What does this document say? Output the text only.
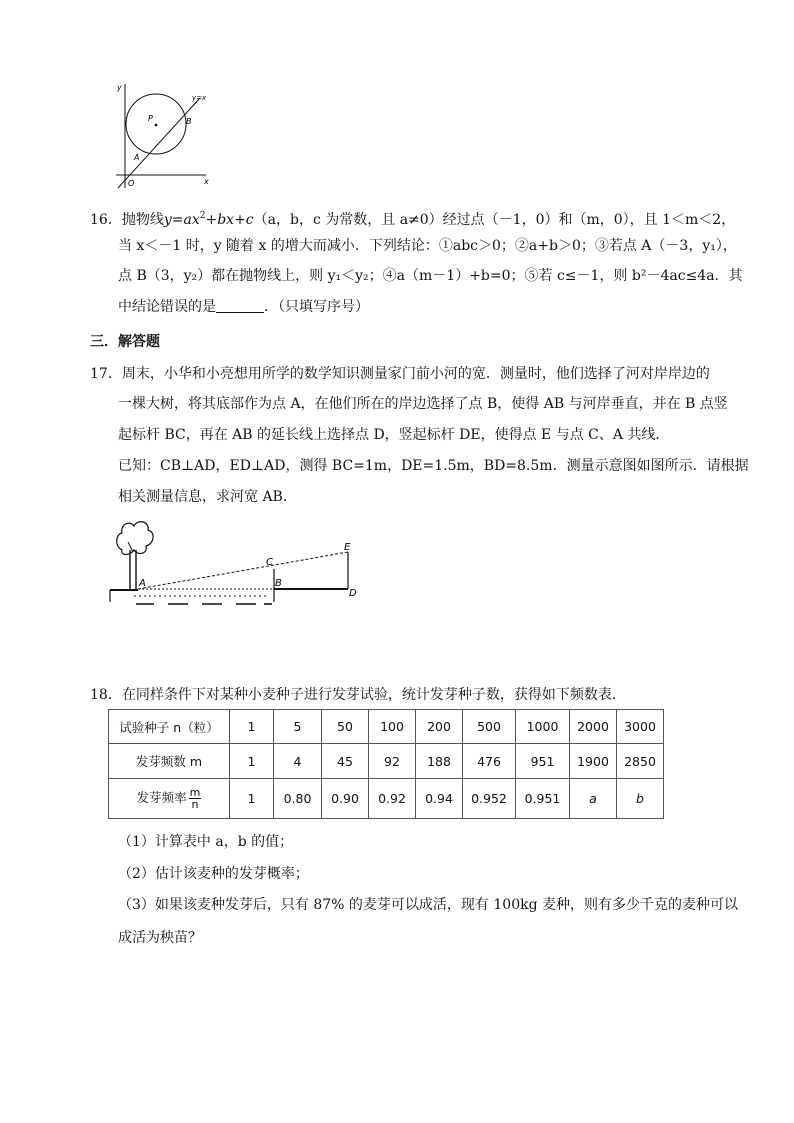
y
x
O
y=x
P
A
B
16．抛物线$y=ax^2+bx+c(a$，b，c 为常数，且 a≠0）经过点（－1，0）和（m，0），且 1＜m＜2，
当 x＜－1 时，y 随着 x 的增大而减小．下列结论：①abc＞0；②a+b＞0；③若点 A（－3，y₁），
点 B（3，y₂）都在抛物线上，则 y₁＜y₂；④a（m－1）+b=0；⑤若 c≤－1，则 b²－4ac≤4a．其
中结论错误的是	．（只填写序号）
三．解答题
17．周末，小华和小亮想用所学的数学知识测量家门前小河的宽．测量时，他们选择了河对岸岸边的
一棵大树，将其底部作为点 A，在他们所在的岸边选择了点 B，使得 AB 与河岸垂直，并在 B 点竖
起标杆 BC，再在 AB 的延长线上选择点 D，竖起标杆 DE，使得点 E 与点 C、A 共线．
已知：CB⊥AD，ED⊥AD，测得 BC=1m，DE=1.5m，BD=8.5m．测量示意图如图所示．请根据
相关测量信息，求河宽 AB．
A	B
C
D
E
18．在同样条件下对某种小麦种子进行发芽试验，统计发芽种子数，获得如下频数表．
试验种子 n（粒）	1	5	50	100	200	500	1000	2000	3000
发芽频数 m	1	4	45	92	188	476	951	1900	2850
发芽频率 $\frac{m}{n}$	1	0.80	0.90	0.92	0.94	0.952	0.951	a	b
（1）计算表中 a，b 的值；
（2）估计该麦种的发芽概率；
（3）如果该麦种发芽后，只有 87% 的麦芽可以成活，现有 100kg 麦种，则有多少千克的麦种可以
成活为秧苗？
